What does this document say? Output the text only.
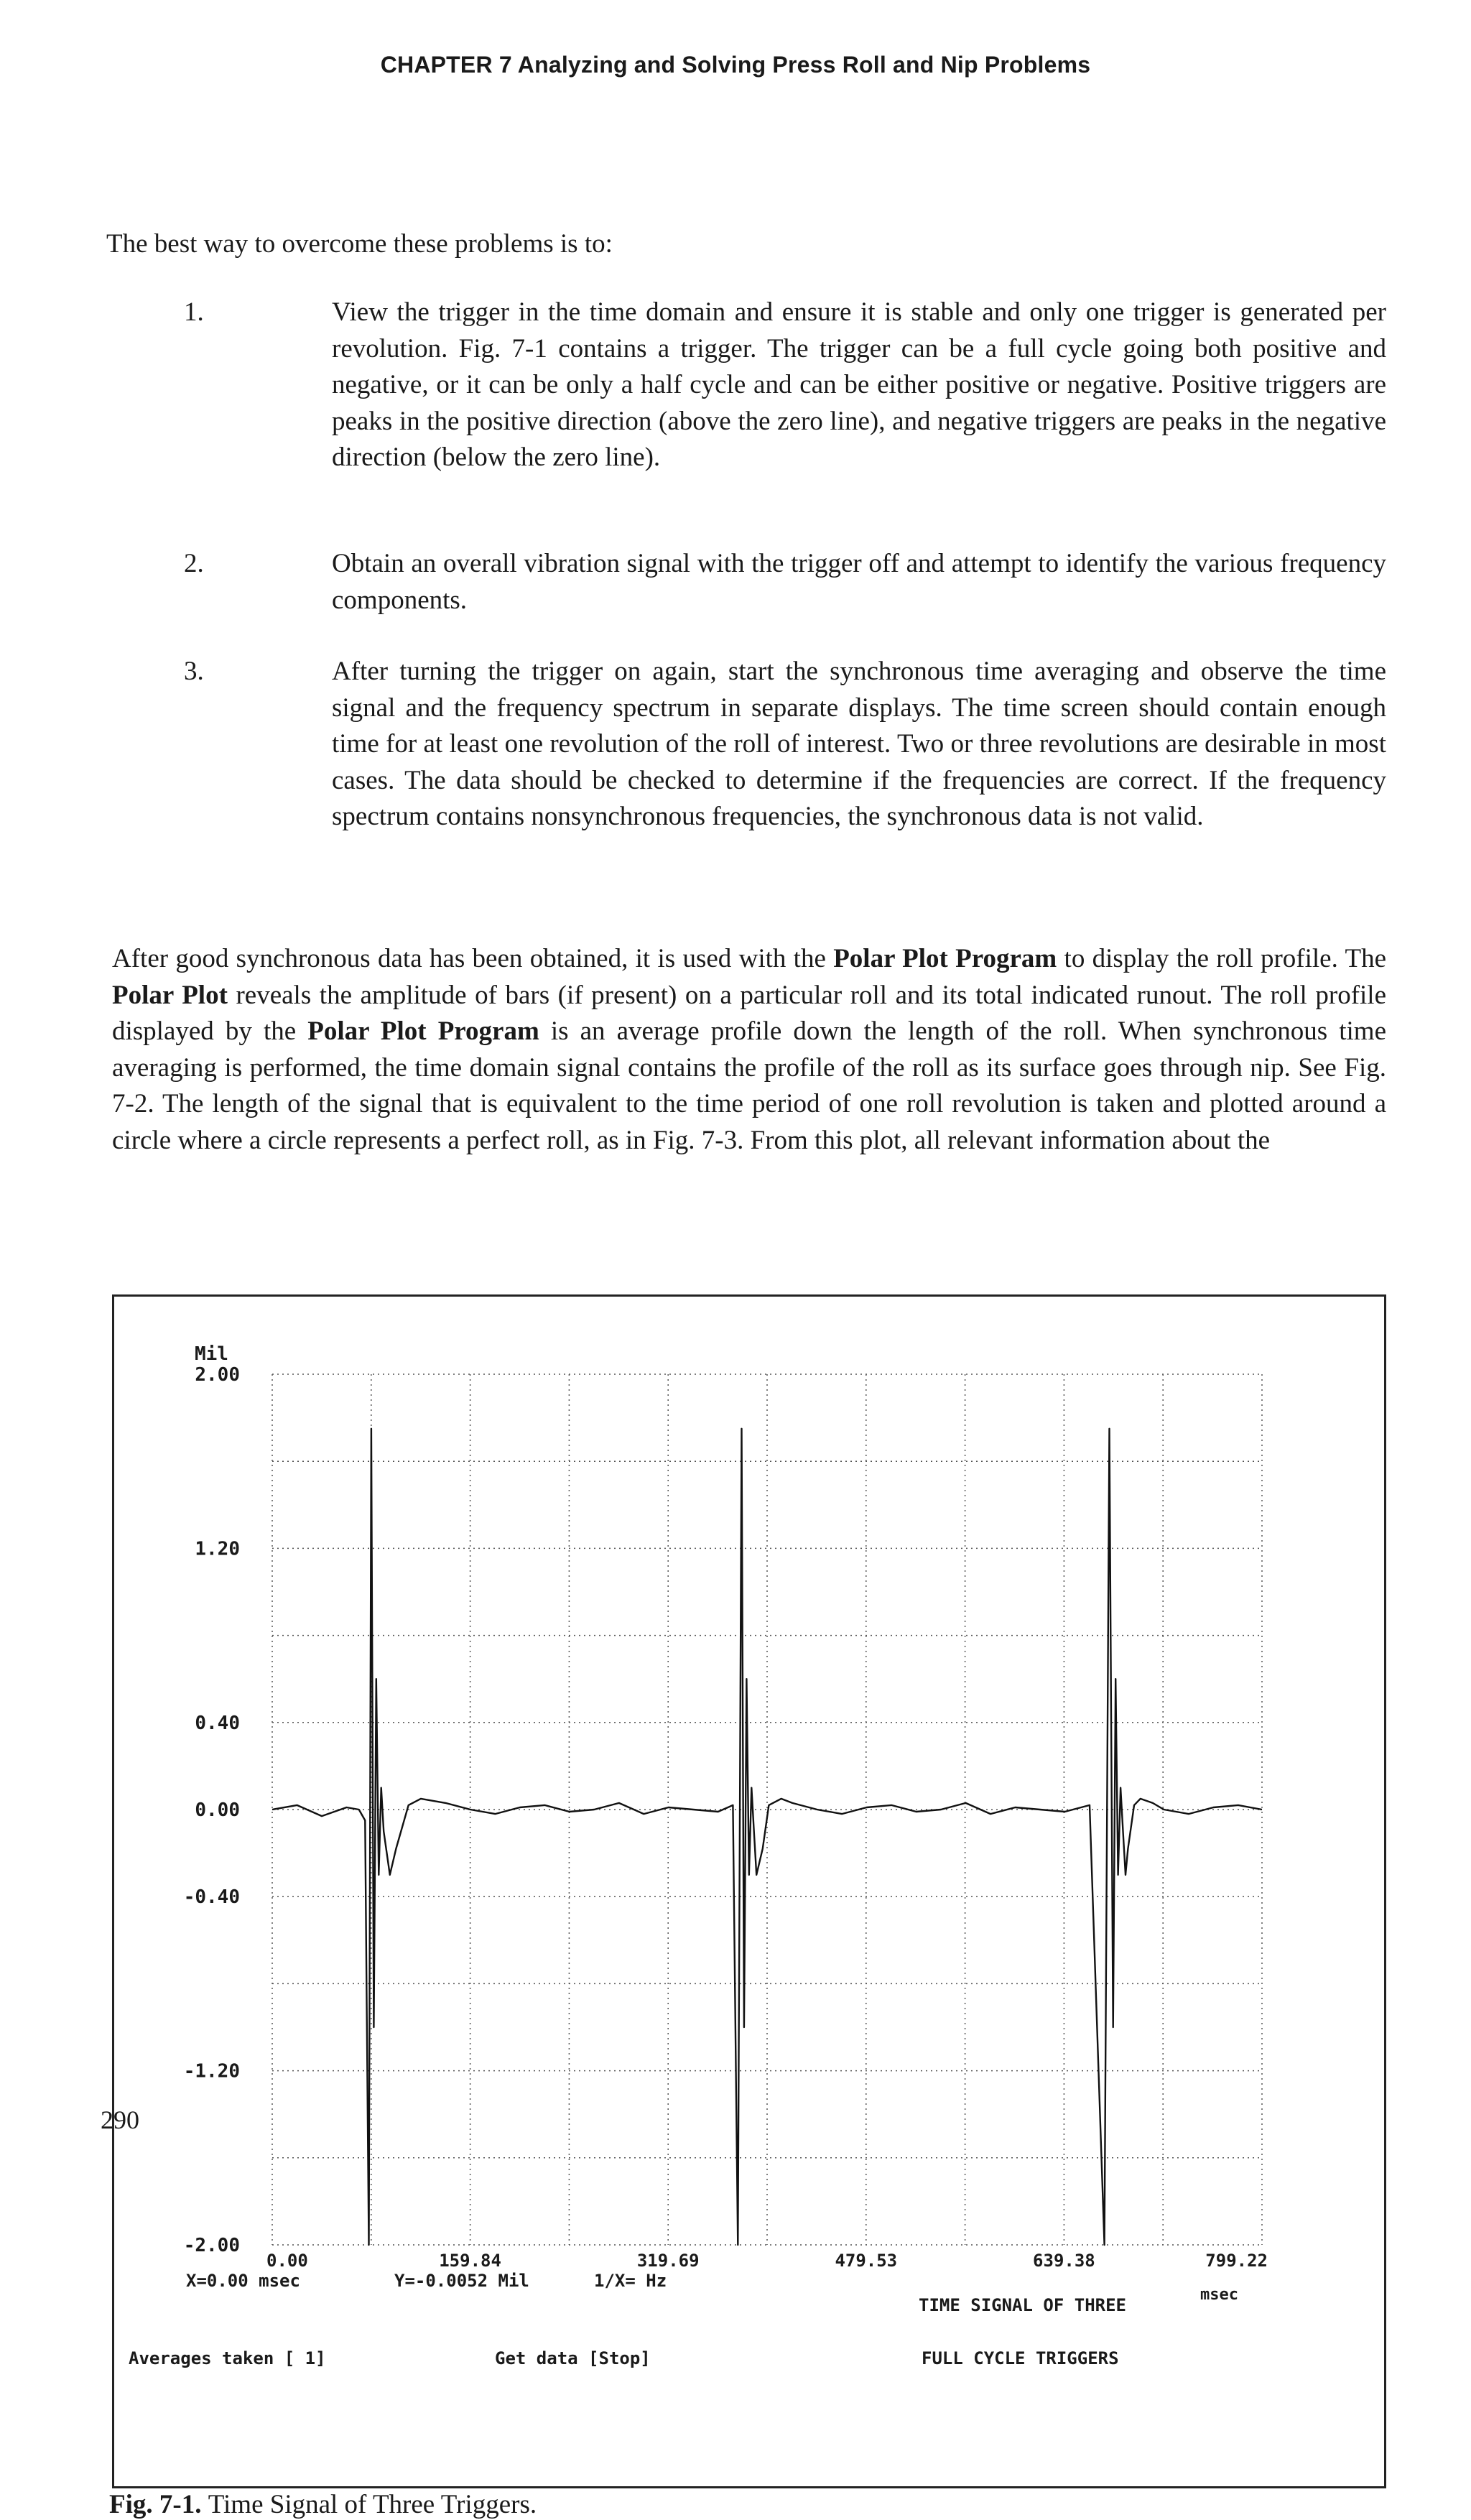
CHAPTER 7 Analyzing and Solving Press Roll and Nip Problems

The best way to overcome these problems is to:

1.	View the trigger in the time domain and ensure it is stable and only one trigger is generated per revolution. Fig. 7-1 contains a trigger. The trigger can be a full cycle going both positive and negative, or it can be only a half cycle and can be either positive or negative. Positive triggers are peaks in the positive direction (above the zero line), and negative triggers are peaks in the negative direction (below the zero line).

2.	Obtain an overall vibration signal with the trigger off and attempt to identify the various frequency components.

3.	After turning the trigger on again, start the synchronous time averaging and observe the time signal and the frequency spectrum in separate displays. The time screen should contain enough time for at least one revolution of the roll of interest. Two or three revolutions are desirable in most cases. The data should be checked to determine if the frequencies are correct. If the frequency spectrum contains nonsynchronous frequencies, the synchronous data is not valid.

After good synchronous data has been obtained, it is used with the Polar Plot Program to display the roll profile. The Polar Plot reveals the amplitude of bars (if present) on a particular roll and its total indicated runout. The roll profile displayed by the Polar Plot Program is an average profile down the length of the roll. When synchronous time averaging is performed, the time domain signal contains the profile of the roll as its surface goes through nip. See Fig. 7-2. The length of the signal that is equivalent to the time period of one roll revolution is taken and plotted around a circle where a circle represents a perfect roll, as in Fig. 7-3. From this plot, all relevant information about the

Mil
2.00
1.20
0.40
0.00
-0.40
-1.20
-2.00
0.00	159.84	319.69	479.53	639.38	799.22
msec
X=0.00 msec	Y=-0.0052 Mil	1/X= Hz
TIME SIGNAL OF THREE
Averages taken [ 1]	Get data [Stop]	FULL CYCLE TRIGGERS
Fig. 7-1. Time Signal of Three Triggers.
290
